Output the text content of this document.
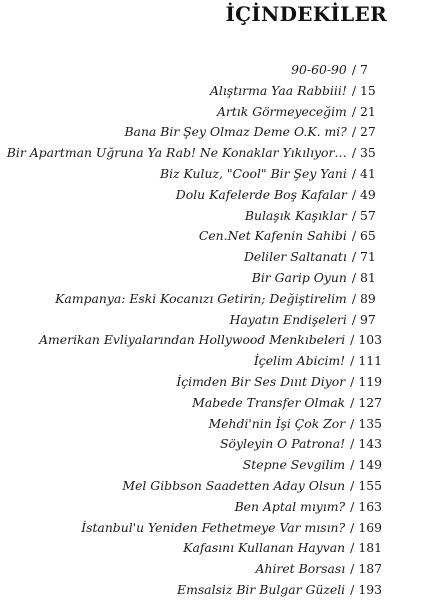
İÇİNDEKİLER
90-60-90 / 7
Alıştırma Yaa Rabbiii! / 15
Artık Görmeyeceğim / 21
Bana Bir Şey Olmaz Deme O.K. mi? / 27
Bir Apartman Uğruna Ya Rab! Ne Konaklar Yıkılıyor… / 35
Biz Kuluz, "Cool" Bir Şey Yani / 41
Dolu Kafelerde Boş Kafalar / 49
Bulaşık Kaşıklar / 57
Cen.Net Kafenin Sahibi / 65
Deliler Saltanatı / 71
Bir Garip Oyun / 81
Kampanya: Eski Kocanızı Getirin; Değiştirelim / 89
Hayatın Endişeleri / 97
Amerikan Evliyalarından Hollywood Menkıbeleri / 103
İçelim Abicim! / 111
İçimden Bir Ses Dıııt Diyor / 119
Mabede Transfer Olmak / 127
Mehdi'nin İşi Çok Zor / 135
Söyleyin O Patrona! / 143
Stepne Sevgilim / 149
Mel Gibbson Saadetten Aday Olsun / 155
Ben Aptal mıyım? / 163
İstanbul'u Yeniden Fethetmeye Var mısın? / 169
Kafasını Kullanan Hayvan / 181
Ahiret Borsası / 187
Emsalsiz Bir Bulgar Güzeli / 193
